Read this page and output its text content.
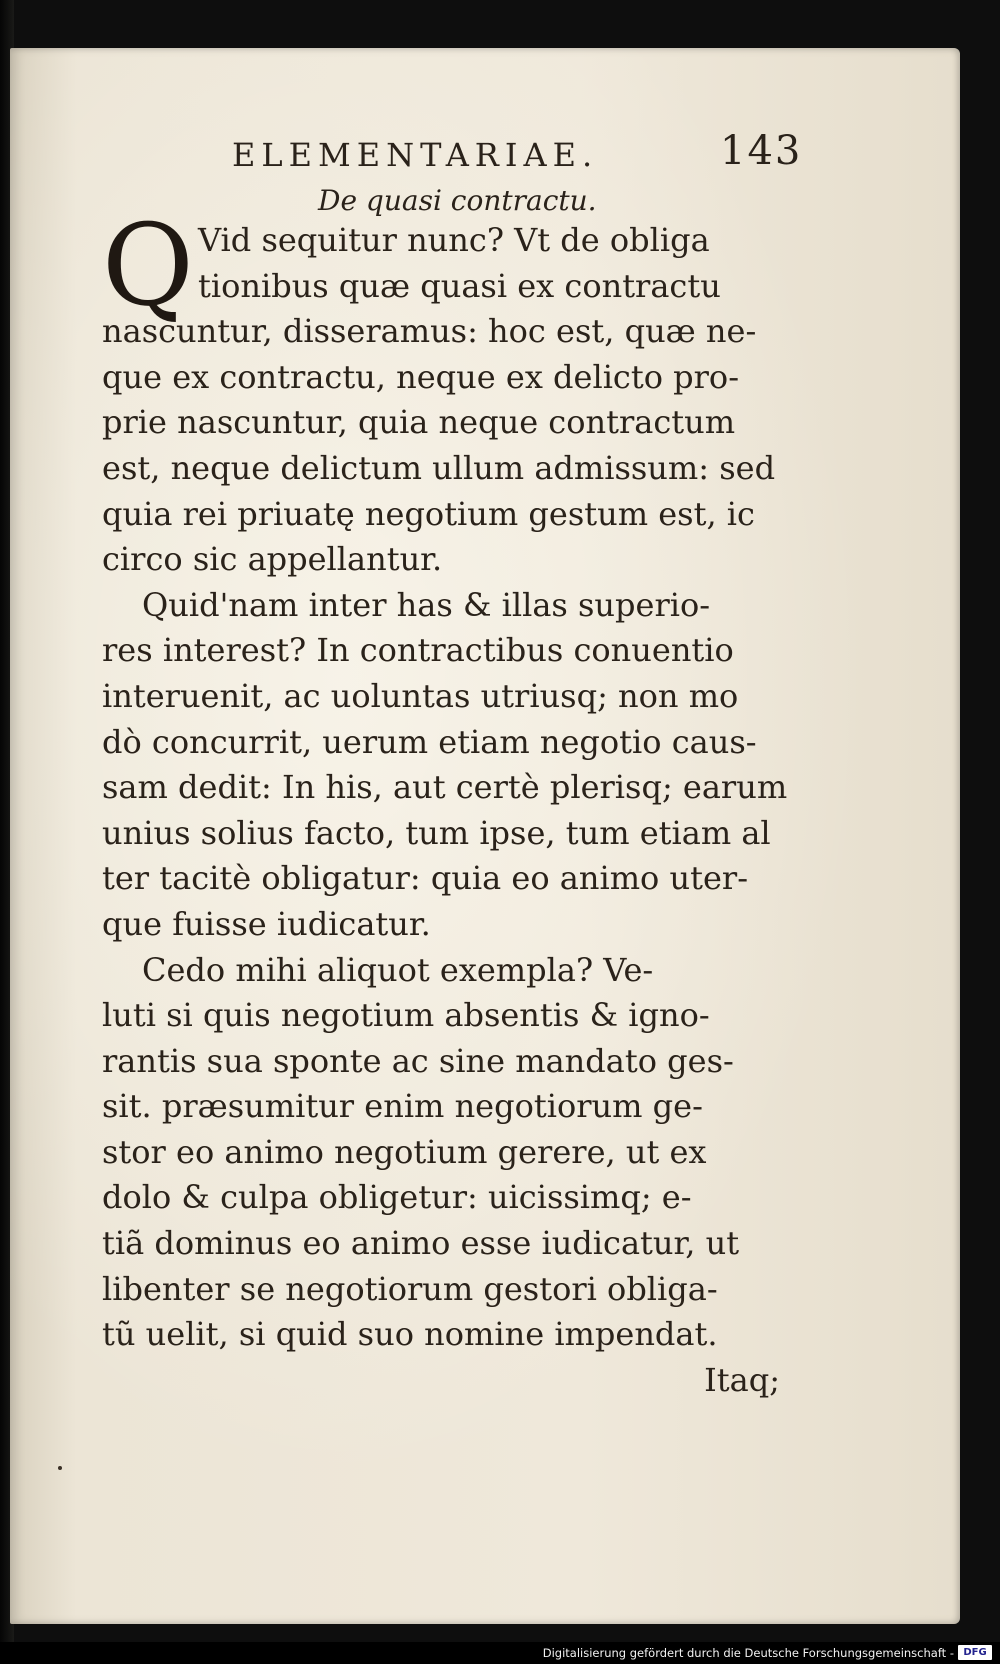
ELEMENTARIAE.	143
De quasi contractu.
Q Vid sequitur nunc? Vt de obliga
tionibus quæ quasi ex contractu
nascuntur, disseramus: hoc est, quæ ne-
que ex contractu, neque ex delicto pro-
prie nascuntur, quia neque contractum
est, neque delictum ullum admissum: sed
quia rei priuatę negotium gestum est, ic
circo sic appellantur.
Quid'nam inter has & illas superio-
res interest? In contractibus conuentio
interuenit, ac uoluntas utriusq; non mo
dò concurrit, uerum etiam negotio caus-
sam dedit: In his, aut certè plerisq; earum
unius solius facto, tum ipse, tum etiam al
ter tacitè obligatur: quia eo animo uter-
que fuisse iudicatur.
Cedo mihi aliquot exempla? Ve-
luti si quis negotium absentis & igno-
rantis sua sponte ac sine mandato ges-
sit. præsumitur enim negotiorum ge-
stor eo animo negotium gerere, ut ex
dolo & culpa obligetur: uicissimq; e-
tiã dominus eo animo esse iudicatur, ut
libenter se negotiorum gestori obliga-
tũ uelit, si quid suo nomine impendat.
Itaq;
Digitalisierung gefördert durch die Deutsche Forschungsgemeinschaft - DFG
